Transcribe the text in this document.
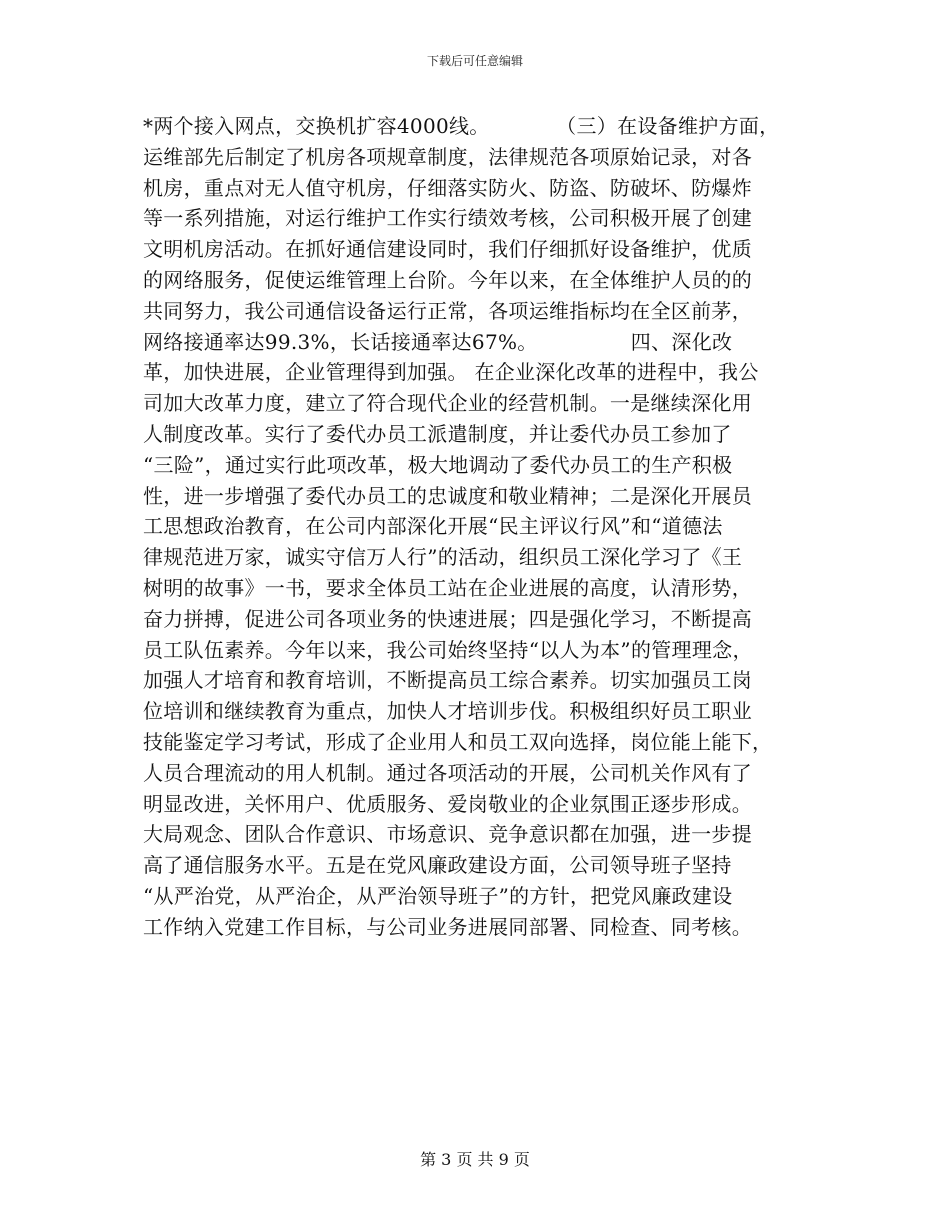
下载后可任意编辑
*两个接入网点，交换机扩容4000线。          （三）在设备维护方面，
运维部先后制定了机房各项规章制度，法律规范各项原始记录，对各
机房，重点对无人值守机房，仔细落实防火、防盗、防破坏、防爆炸
等一系列措施，对运行维护工作实行绩效考核，公司积极开展了创建
文明机房活动。在抓好通信建设同时，我们仔细抓好设备维护，优质
的网络服务，促使运维管理上台阶。今年以来，在全体维护人员的的
共同努力，我公司通信设备运行正常，各项运维指标均在全区前茅，
网络接通率达99.3%，长话接通率达67%。              四、深化改
革，加快进展，企业管理得到加强。 在企业深化改革的进程中，我公
司加大改革力度，建立了符合现代企业的经营机制。一是继续深化用
人制度改革。实行了委代办员工派遣制度，并让委代办员工参加了
“三险”，通过实行此项改革，极大地调动了委代办员工的生产积极
性，进一步增强了委代办员工的忠诚度和敬业精神；二是深化开展员
工思想政治教育，在公司内部深化开展“民主评议行风”和“道德法
律规范进万家，诚实守信万人行”的活动，组织员工深化学习了《王
树明的故事》一书，要求全体员工站在企业进展的高度，认清形势，
奋力拼搏，促进公司各项业务的快速进展；四是强化学习，不断提高
员工队伍素养。今年以来，我公司始终坚持“以人为本”的管理理念，
加强人才培育和教育培训，不断提高员工综合素养。切实加强员工岗
位培训和继续教育为重点，加快人才培训步伐。积极组织好员工职业
技能鉴定学习考试，形成了企业用人和员工双向选择，岗位能上能下，
人员合理流动的用人机制。通过各项活动的开展，公司机关作风有了
明显改进，关怀用户、优质服务、爱岗敬业的企业氛围正逐步形成。
大局观念、团队合作意识、市场意识、竞争意识都在加强，进一步提
高了通信服务水平。五是在党风廉政建设方面，公司领导班子坚持
“从严治党，从严治企，从严治领导班子”的方针，把党风廉政建设
工作纳入党建工作目标，与公司业务进展同部署、同检查、同考核。
第 3 页 共 9 页
